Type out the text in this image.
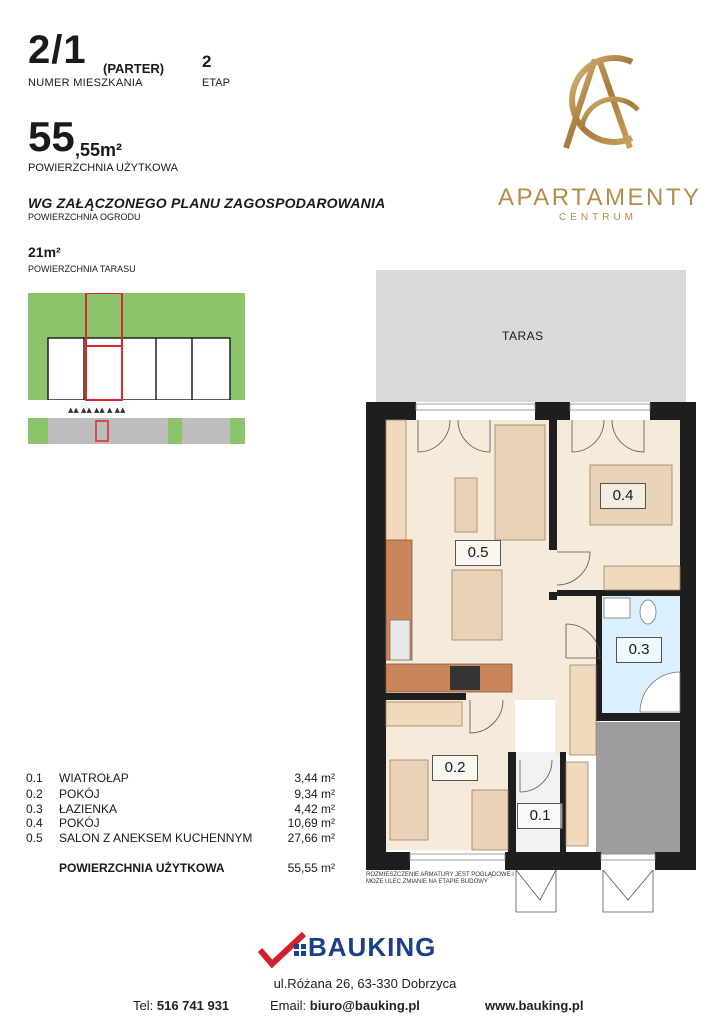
2/1 (PARTER)
NUMER MIESZKANIA
2
ETAP
55 ,55m²
POWIERZCHNIA UŻYTKOWA
WG ZAŁĄCZONEGO PLANU ZAGOSPODAROWANIA
POWIERZCHNIA OGRODU
21m²
POWIERZCHNIA TARASU
APARTAMENTY
CENTRUM
▲▲ ▲▲ ▲▲ ▲ ▲▲
TARAS
0.5
0.4
0.3
0.2
0.1
ROZMIESZCZENIE ARMATURY JEST POGLĄDOWE I MOŻE ULEC ZMIANIE NA ETAPIE BUDOWY
0.1	WIATROŁAP	3,44 m²
0.2	POKÓJ	9,34 m²
0.3	ŁAZIENKA	4,42 m²
0.4	POKÓJ	10,69 m²
0.5	SALON Z ANEKSEM KUCHENNYM	27,66 m²
POWIERZCHNIA UŻYTKOWA	55,55 m²
BAUKING
ul.Różana 26, 63-330 Dobrzyca
Tel: 516 741 931	Email: biuro@bauking.pl	www.bauking.pl
